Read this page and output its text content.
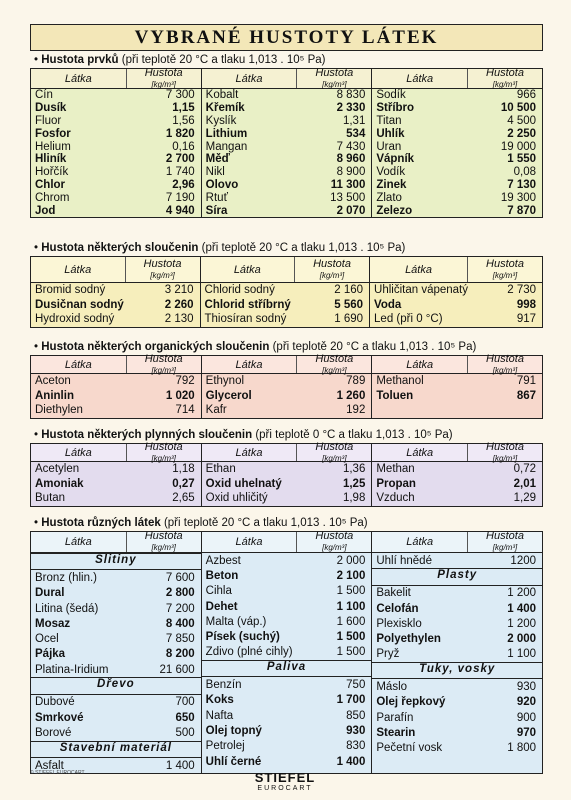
VYBRANÉ HUSTOTY LÁTEK
• Hustota prvků (při teplotě 20 °C a tlaku 1,013 . 10⁵ Pa)
Látka	Hustota
[kg/m³]
Cín	7 300
Dusík	1,15
Fluor	1,56
Fosfor	1 820
Helium	0,16
Hliník	2 700
Hořčík	1 740
Chlor	2,96
Chrom	7 190
Jod	4 940
Látka	Hustota
[kg/m³]
Kobalt	8 830
Křemík	2 330
Kyslík	1,31
Lithium	534
Mangan	7 430
Měď	8 960
Nikl	8 900
Olovo	11 300
Rtuť	13 500
Síra	2 070
Látka	Hustota
[kg/m³]
Sodík	966
Stříbro	10 500
Titan	4 500
Uhlík	2 250
Uran	19 000
Vápník	1 550
Vodík	0,08
Zinek	7 130
Zlato	19 300
Železo	7 870
• Hustota některých sloučenin (při teplotě 20 °C a tlaku 1,013 . 10⁵ Pa)
Látka	Hustota
[kg/m³]
Bromid sodný	3 210
Dusičnan sodný	2 260
Hydroxid sodný	2 130
Látka	Hustota
[kg/m³]
Chlorid sodný	2 160
Chlorid stříbrný	5 560
Thiosíran sodný	1 690
Látka	Hustota
[kg/m³]
Uhličitan vápenatý	2 730
Voda	998
Led (při 0 °C)	917
• Hustota některých organických sloučenin (při teplotě 20 °C a tlaku 1,013 . 10⁵ Pa)
Látka	Hustota
[kg/m³]
Aceton	792
Aninlin	1 020
Diethylen	714
Látka	Hustota
[kg/m³]
Ethynol	789
Glycerol	1 260
Kafr	192
Látka	Hustota
[kg/m³]
Methanol	791
Toluen	867
• Hustota některých plynných sloučenin (při teplotě 0 °C a tlaku 1,013 . 10⁵ Pa)
Látka	Hustota
[kg/m³]
Acetylen	1,18
Amoniak	0,27
Butan	2,65
Látka	Hustota
[kg/m³]
Ethan	1,36
Oxid uhelnatý	1,25
Oxid uhličitý	1,98
Látka	Hustota
[kg/m³]
Methan	0,72
Propan	2,01
Vzduch	1,29
• Hustota různých látek (při teplotě 20 °C a tlaku 1,013 . 10⁵ Pa)
Látka	Hustota
[kg/m³]
Slitiny
Bronz (hlin.)	7 600
Dural	2 800
Litina (šedá)	7 200
Mosaz	8 400
Ocel	7 850
Pájka	8 200
Platina-Iridium	21 600
Dřevo
Dubové	700
Smrkové	650
Borové	500
Stavební materiál
Asfalt	1 400
Látka	Hustota
[kg/m³]
Azbest	2 000
Beton	2 100
Cihla	1 500
Dehet	1 100
Malta (váp.)	1 600
Písek (suchý)	1 500
Zdivo (plné cihly)	1 500
Paliva
Benzín	750
Koks	1 700
Nafta	850
Olej topný	930
Petrolej	830
Uhlí černé	1 400
Látka	Hustota
[kg/m³]
Uhlí hnědé	1200
Plasty
Bakelit	1 200
Celofán	1 400
Plexisklo	1 200
Polyethylen	2 000
Pryž	1 100
Tuky, vosky
Máslo	930
Olej řepkový	920
Parafín	900
Stearin	970
Pečetní vosk	1 800
© STIEFEL EUROCART	STIEFEL
EUROCART
